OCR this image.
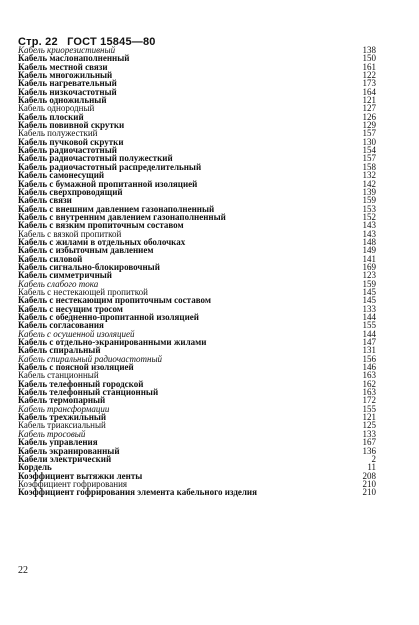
Стр. 22 ГОСТ 15845—80
Кабель криорезистивный	138
Кабель маслонаполненный	150
Кабель местной связи	161
Кабель многожильный	122
Кабель нагревательный	173
Кабель низкочастотный	164
Кабель одножильный	121
Кабель однородный	127
Кабель плоский	126
Кабель повивной скрутки	129
Кабель полужесткий	157
Кабель пучковой скрутки	130
Кабель радиочастотный	154
Кабель радиочастотный полужесткий	157
Кабель радиочастотный распределительный	158
Кабель самонесущий	132
Кабель с бумажной пропитанной изоляцией	142
Кабель сверхпроводящий	139
Кабель связи	159
Кабель с внешним давлением газонаполненный	153
Кабель с внутренним давлением газонаполненный	152
Кабель с вязким пропиточным составом	143
Кабель с вязкой пропиткой	143
Кабель с жилами в отдельных оболочках	148
Кабель с избыточным давлением	149
Кабель силовой	141
Кабель сигнально-блокировочный	169
Кабель симметричный	123
Кабель слабого тока	159
Кабель с нестекающей пропиткой	145
Кабель с нестекающим пропиточным составом	145
Кабель с несущим тросом	133
Кабель с обедненно-пропитанной изоляцией	144
Кабель согласования	155
Кабель с осушенной изоляцией	144
Кабель с отдельно-экранированными жилами	147
Кабель спиральный	131
Кабель спиральный радиочастотный	156
Кабель с поясной изоляцией	146
Кабель станционный	163
Кабель телефонный городской	162
Кабель телефонный станционный	163
Кабель термопарный	172
Кабель трансформации	155
Кабель трехжильный	121
Кабель триаксиальный	125
Кабель тросовый	133
Кабель управления	167
Кабель экранированный	136
Кабели электрический	2
Кордель	11
Коэффициент вытяжки ленты	208
Коэффициент гофрирования	210
Коэффициент гофрирования элемента кабельного изделия	210
22
